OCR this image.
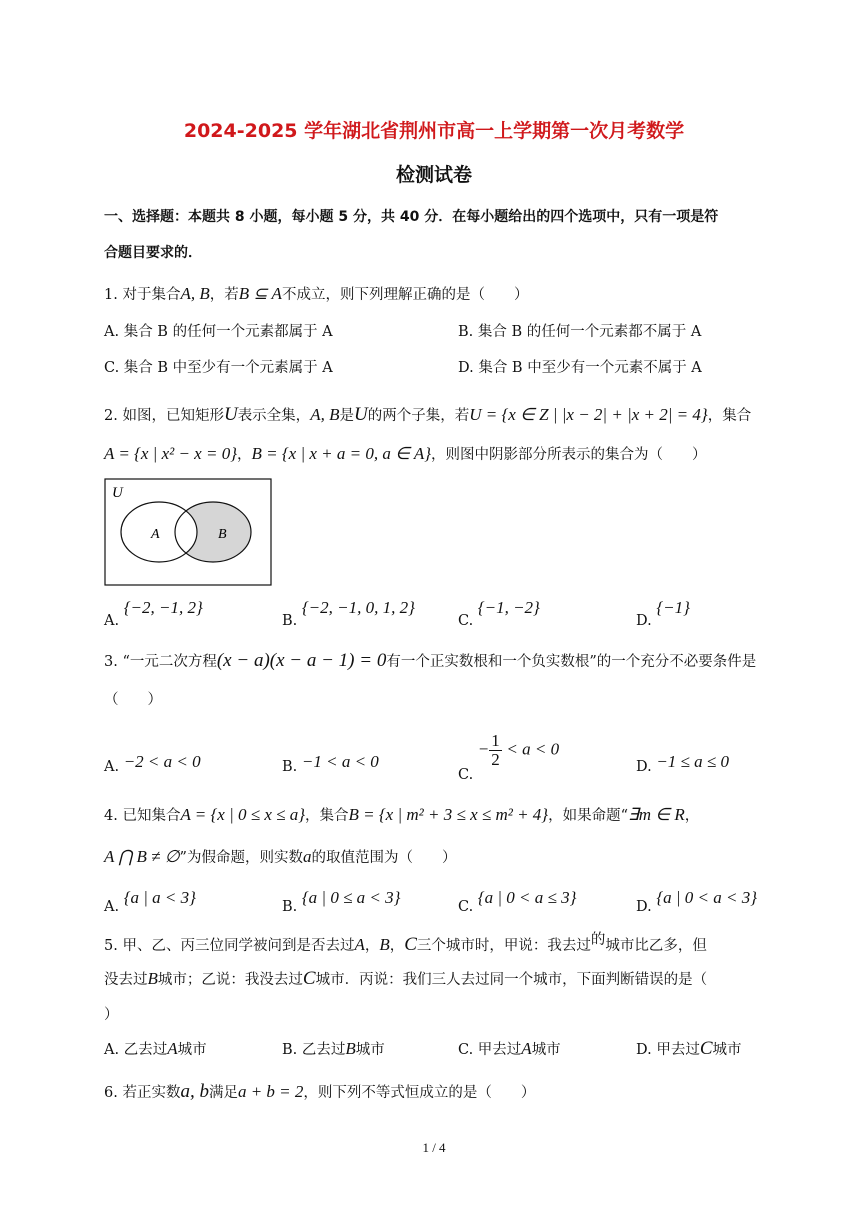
2024-2025 学年湖北省荆州市高一上学期第一次月考数学
检测试卷
一、选择题：本题共 8 小题，每小题 5 分，共 40 分．在每小题给出的四个选项中，只有一项是符
合题目要求的．
1. 对于集合A, B，若B ⊆ A不成立，则下列理解正确的是（　　）
A. 集合 B 的任何一个元素都属于 A	B. 集合 B 的任何一个元素都不属于 A
C. 集合 B 中至少有一个元素属于 A	D. 集合 B 中至少有一个元素不属于 A
2. 如图，已知矩形U表示全集，A, B是U的两个子集，若U = {x ∈ Z | |x − 2| + |x + 2| = 4}，集合
A = {x | x² − x = 0}，B = {x | x + a = 0, a ∈ A}，则图中阴影部分所表示的集合为（　　）
U
A	B
A. {−2, −1, 2}
B. {−2, −1, 0, 1, 2}
C. {−1, −2}
D. {−1}
3. “一元二次方程(x − a)(x − a − 1) = 0有一个正实数根和一个负实数根”的一个充分不必要条件是
（　　）
A. −2 < a < 0	B. −1 < a < 0
C. − $\frac{1}{2} < a < 0$
D. −1 ≤ a ≤ 0
4. 已知集合A = {x | 0 ≤ x ≤ a}，集合B = {x | m² + 3 ≤ x ≤ m² + 4}，如果命题“∃m ∈ R，
A ⋂ B ≠ ∅”为假命题，则实数a的取值范围为（　　）
A. {a | a < 3}	B. {a | 0 ≤ a < 3}	C. {a | 0 < a ≤ 3}	D. {a | 0 < a < 3}
5. 甲、乙、丙三位同学被问到是否去过A，B，C三个城市时，甲说：我去过的城市比乙多，但
没去过B城市；乙说：我没去过C城市．丙说：我们三人去过同一个城市，下面判断错误的是（
）
A. 乙去过A城市	B. 乙去过B城市	C. 甲去过A城市	D. 甲去过C城市
6. 若正实数a, b满足a + b = 2，则下列不等式恒成立的是（　　）
1 / 4
